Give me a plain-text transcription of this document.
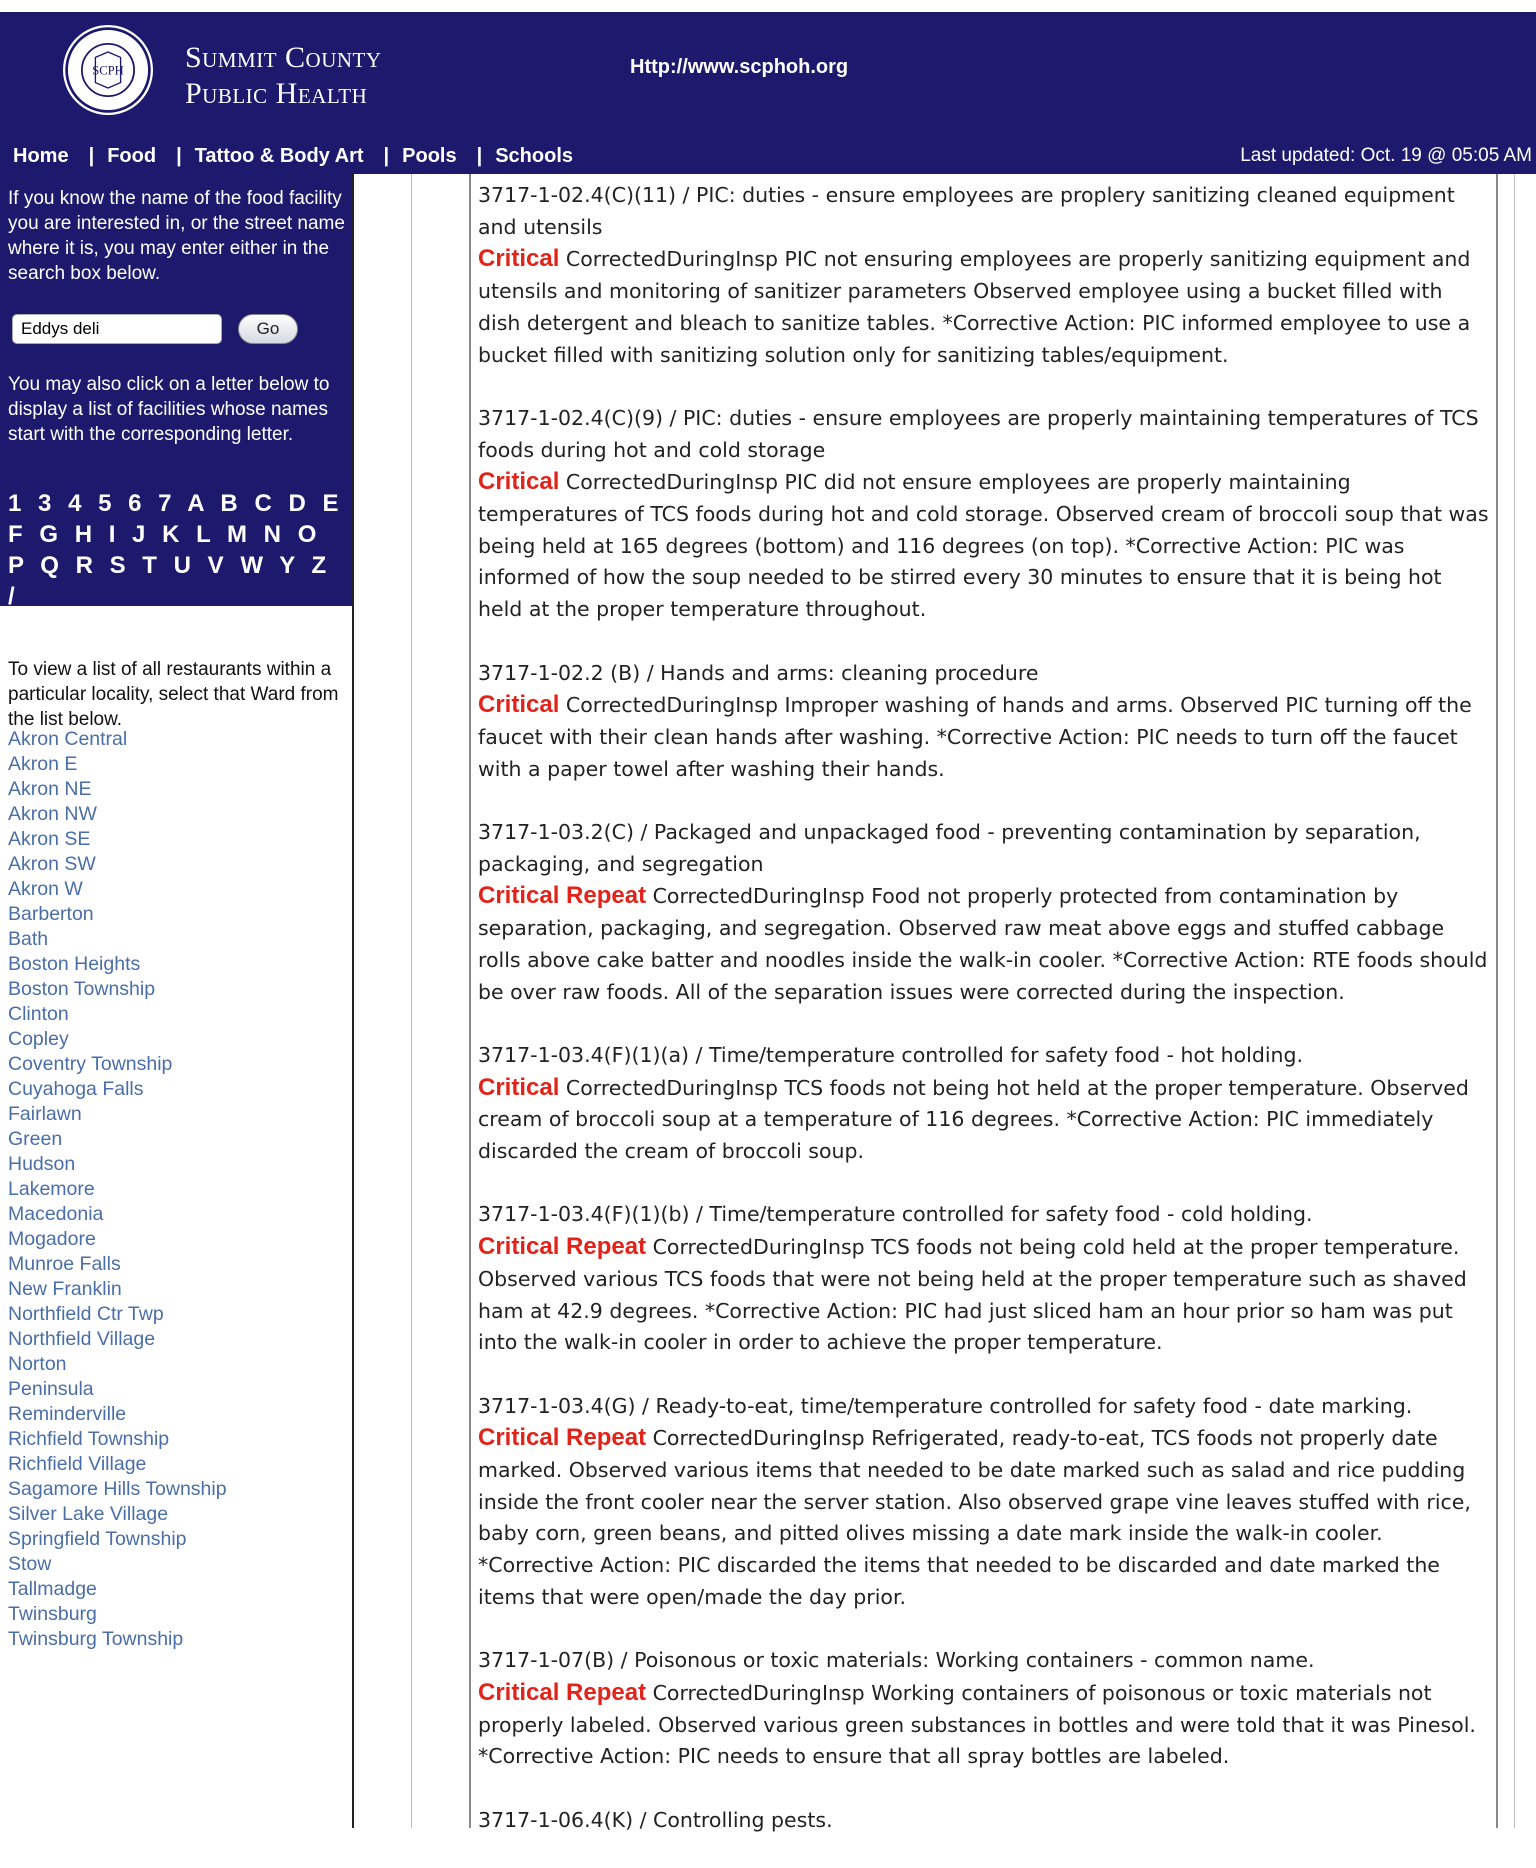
SCPH Summit County
Public Health
Http://www.scphoh.org
Home	| Food	| Tattoo & Body Art	| Pools	| Schools	Last updated: Oct. 19 @ 05:05 AM

If you know the name of the food facility you are interested in, or the street name where it is, you may enter either in the search box below.

Eddys deli
Go

You may also click on a letter below to display a list of facilities whose names start with the corresponding letter.

1 3 4 5 6 7 A B C D E F G H I J K L M N O P Q R S T U V W Y Z /

To view a list of all restaurants within a particular locality, select that Ward from the list below.

Akron Central
Akron E
Akron NE
Akron NW
Akron SE
Akron SW
Akron W
Barberton
Bath
Boston Heights
Boston Township
Clinton
Copley
Coventry Township
Cuyahoga Falls
Fairlawn
Green
Hudson
Lakemore
Macedonia
Mogadore
Munroe Falls
New Franklin
Northfield Ctr Twp
Northfield Village
Norton
Peninsula
Reminderville
Richfield Township
Richfield Village
Sagamore Hills Township
Silver Lake Village
Springfield Township
Stow
Tallmadge
Twinsburg
Twinsburg Township

3717-1-02.4(C)(11) / PIC: duties - ensure employees are proplery sanitizing cleaned equipment and utensils

Critical CorrectedDuringInsp PIC not ensuring employees are properly sanitizing equipment and utensils and monitoring of sanitizer parameters Observed employee using a bucket filled with dish detergent and bleach to sanitize tables. *Corrective Action: PIC informed employee to use a bucket filled with sanitizing solution only for sanitizing tables/equipment.

3717-1-02.4(C)(9) / PIC: duties - ensure employees are properly maintaining temperatures of TCS foods during hot and cold storage

Critical CorrectedDuringInsp PIC did not ensure employees are properly maintaining temperatures of TCS foods during hot and cold storage. Observed cream of broccoli soup that was being held at 165 degrees (bottom) and 116 degrees (on top). *Corrective Action: PIC was informed of how the soup needed to be stirred every 30 minutes to ensure that it is being hot held at the proper temperature throughout.

3717-1-02.2 (B) / Hands and arms: cleaning procedure

Critical CorrectedDuringInsp Improper washing of hands and arms. Observed PIC turning off the faucet with their clean hands after washing. *Corrective Action: PIC needs to turn off the faucet with a paper towel after washing their hands.

3717-1-03.2(C) / Packaged and unpackaged food - preventing contamination by separation, packaging, and segregation

Critical Repeat CorrectedDuringInsp Food not properly protected from contamination by separation, packaging, and segregation. Observed raw meat above eggs and stuffed cabbage rolls above cake batter and noodles inside the walk-in cooler. *Corrective Action: RTE foods should be over raw foods. All of the separation issues were corrected during the inspection.

3717-1-03.4(F)(1)(a) / Time/temperature controlled for safety food - hot holding.

Critical CorrectedDuringInsp TCS foods not being hot held at the proper temperature. Observed cream of broccoli soup at a temperature of 116 degrees. *Corrective Action: PIC immediately discarded the cream of broccoli soup.

3717-1-03.4(F)(1)(b) / Time/temperature controlled for safety food - cold holding.

Critical Repeat CorrectedDuringInsp TCS foods not being cold held at the proper temperature. Observed various TCS foods that were not being held at the proper temperature such as shaved ham at 42.9 degrees. *Corrective Action: PIC had just sliced ham an hour prior so ham was put into the walk-in cooler in order to achieve the proper temperature.

3717-1-03.4(G) / Ready-to-eat, time/temperature controlled for safety food - date marking.

Critical Repeat CorrectedDuringInsp Refrigerated, ready-to-eat, TCS foods not properly date marked. Observed various items that needed to be date marked such as salad and rice pudding inside the front cooler near the server station. Also observed grape vine leaves stuffed with rice, baby corn, green beans, and pitted olives missing a date mark inside the walk-in cooler. *Corrective Action: PIC discarded the items that needed to be discarded and date marked the items that were open/made the day prior.

3717-1-07(B) / Poisonous or toxic materials: Working containers - common name.

Critical Repeat CorrectedDuringInsp Working containers of poisonous or toxic materials not properly labeled. Observed various green substances in bottles and were told that it was Pinesol. *Corrective Action: PIC needs to ensure that all spray bottles are labeled.

3717-1-06.4(K) / Controlling pests.
